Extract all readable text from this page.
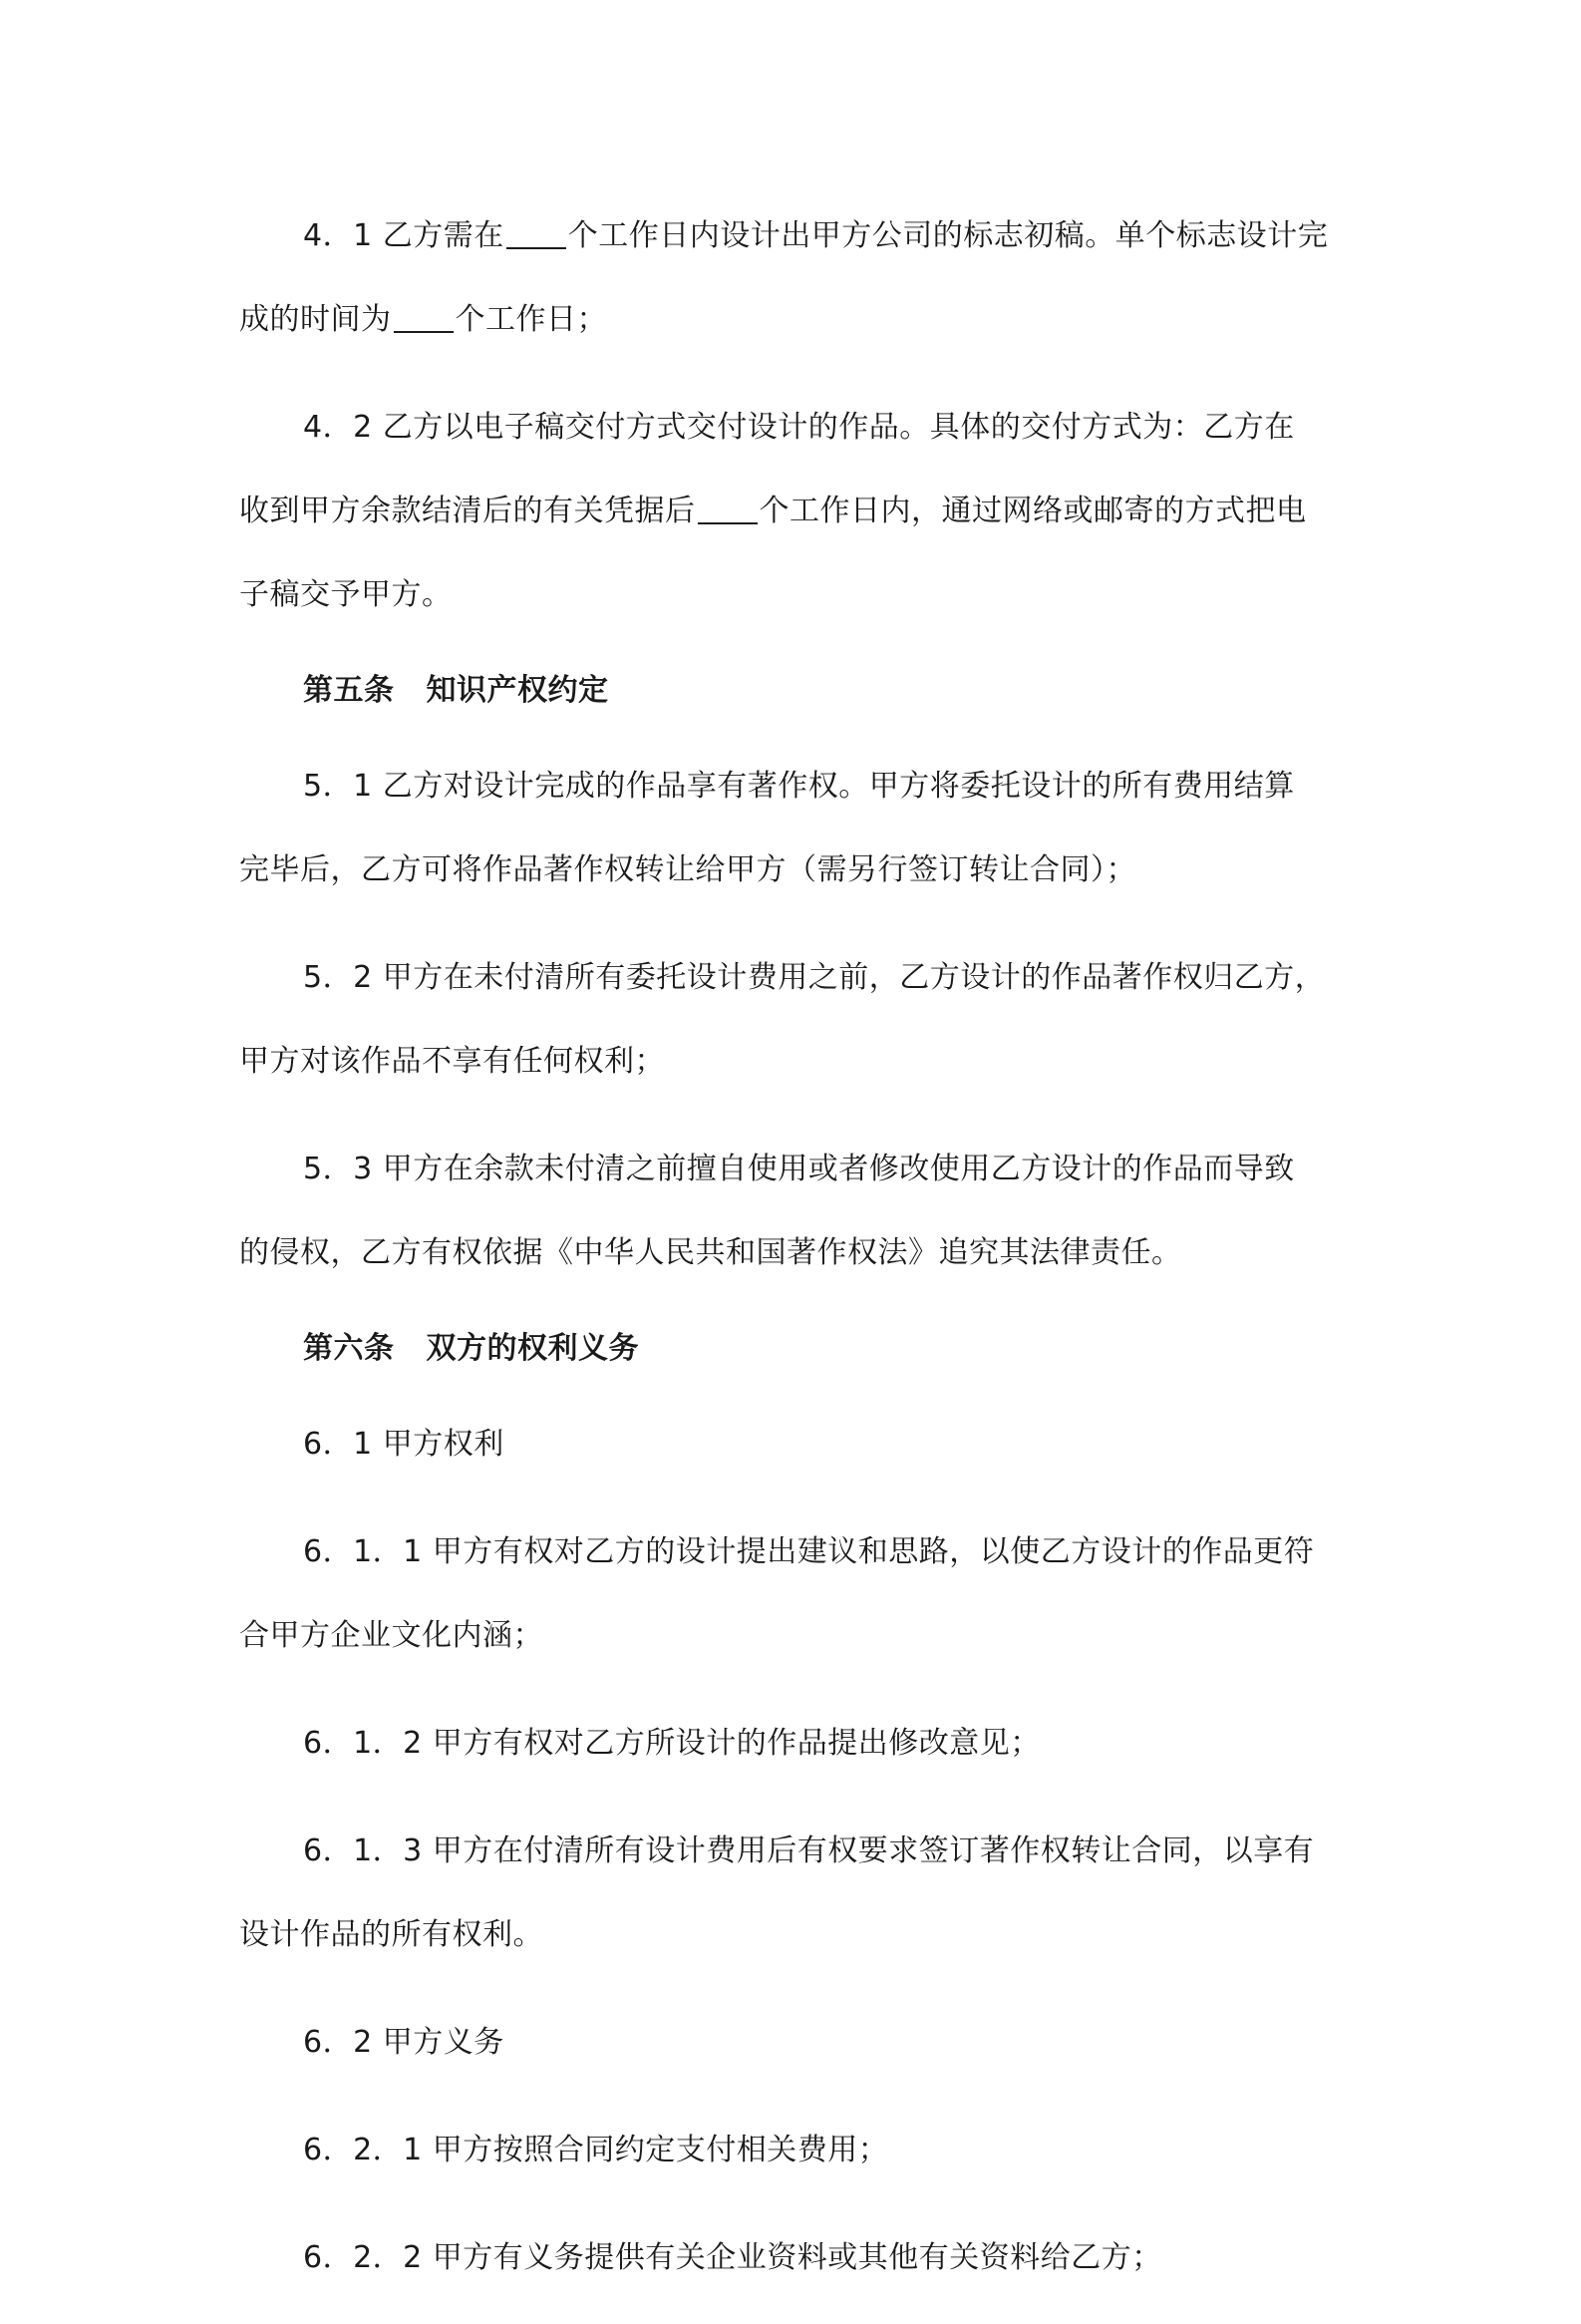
4．1 乙方需在 个工作日内设计出甲方公司的标志初稿。单个标志设计完
成的时间为 个工作日；

4．2 乙方以电子稿交付方式交付设计的作品。具体的交付方式为：乙方在
收到甲方余款结清后的有关凭据后 个工作日内，通过网络或邮寄的方式把电
子稿交予甲方。

第五条 知识产权约定

5．1 乙方对设计完成的作品享有著作权。甲方将委托设计的所有费用结算
完毕后，乙方可将作品著作权转让给甲方（需另行签订转让合同）；

5．2 甲方在未付清所有委托设计费用之前，乙方设计的作品著作权归乙方，
甲方对该作品不享有任何权利；

5．3 甲方在余款未付清之前擅自使用或者修改使用乙方设计的作品而导致
的侵权，乙方有权依据《中华人民共和国著作权法》追究其法律责任。

第六条 双方的权利义务

6．1 甲方权利

6．1．1 甲方有权对乙方的设计提出建议和思路，以使乙方设计的作品更符
合甲方企业文化内涵；

6．1．2 甲方有权对乙方所设计的作品提出修改意见；

6．1．3 甲方在付清所有设计费用后有权要求签订著作权转让合同，以享有
设计作品的所有权利。

6．2 甲方义务

6．2．1 甲方按照合同约定支付相关费用；

6．2．2 甲方有义务提供有关企业资料或其他有关资料给乙方；
